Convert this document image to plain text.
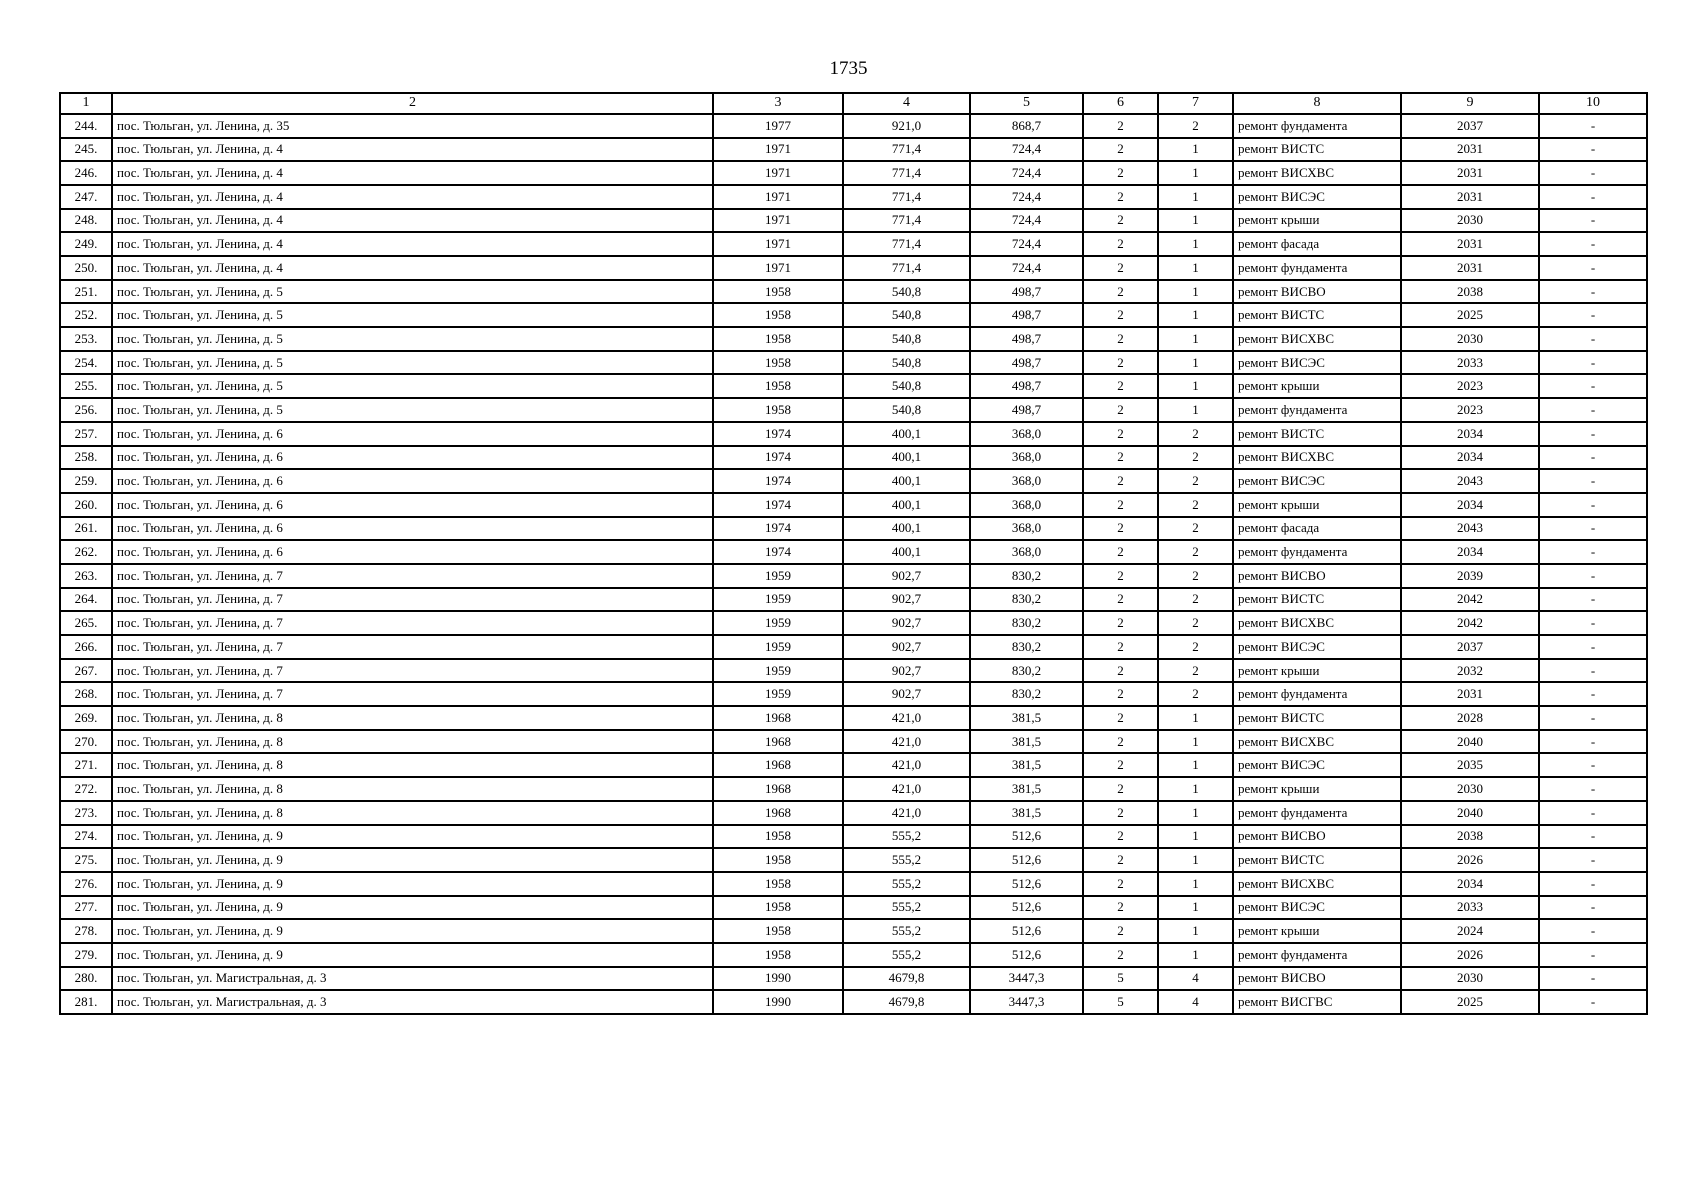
1735
1	2	3	4	5	6	7	8	9	10
244.	пос. Тюльган, ул. Ленина, д. 35	1977	921,0	868,7	2	2	ремонт фундамента	2037	-
245.	пос. Тюльган, ул. Ленина, д. 4	1971	771,4	724,4	2	1	ремонт ВИСТС	2031	-
246.	пос. Тюльган, ул. Ленина, д. 4	1971	771,4	724,4	2	1	ремонт ВИСХВС	2031	-
247.	пос. Тюльган, ул. Ленина, д. 4	1971	771,4	724,4	2	1	ремонт ВИСЭС	2031	-
248.	пос. Тюльган, ул. Ленина, д. 4	1971	771,4	724,4	2	1	ремонт крыши	2030	-
249.	пос. Тюльган, ул. Ленина, д. 4	1971	771,4	724,4	2	1	ремонт фасада	2031	-
250.	пос. Тюльган, ул. Ленина, д. 4	1971	771,4	724,4	2	1	ремонт фундамента	2031	-
251.	пос. Тюльган, ул. Ленина, д. 5	1958	540,8	498,7	2	1	ремонт ВИСВО	2038	-
252.	пос. Тюльган, ул. Ленина, д. 5	1958	540,8	498,7	2	1	ремонт ВИСТС	2025	-
253.	пос. Тюльган, ул. Ленина, д. 5	1958	540,8	498,7	2	1	ремонт ВИСХВС	2030	-
254.	пос. Тюльган, ул. Ленина, д. 5	1958	540,8	498,7	2	1	ремонт ВИСЭС	2033	-
255.	пос. Тюльган, ул. Ленина, д. 5	1958	540,8	498,7	2	1	ремонт крыши	2023	-
256.	пос. Тюльган, ул. Ленина, д. 5	1958	540,8	498,7	2	1	ремонт фундамента	2023	-
257.	пос. Тюльган, ул. Ленина, д. 6	1974	400,1	368,0	2	2	ремонт ВИСТС	2034	-
258.	пос. Тюльган, ул. Ленина, д. 6	1974	400,1	368,0	2	2	ремонт ВИСХВС	2034	-
259.	пос. Тюльган, ул. Ленина, д. 6	1974	400,1	368,0	2	2	ремонт ВИСЭС	2043	-
260.	пос. Тюльган, ул. Ленина, д. 6	1974	400,1	368,0	2	2	ремонт крыши	2034	-
261.	пос. Тюльган, ул. Ленина, д. 6	1974	400,1	368,0	2	2	ремонт фасада	2043	-
262.	пос. Тюльган, ул. Ленина, д. 6	1974	400,1	368,0	2	2	ремонт фундамента	2034	-
263.	пос. Тюльган, ул. Ленина, д. 7	1959	902,7	830,2	2	2	ремонт ВИСВО	2039	-
264.	пос. Тюльган, ул. Ленина, д. 7	1959	902,7	830,2	2	2	ремонт ВИСТС	2042	-
265.	пос. Тюльган, ул. Ленина, д. 7	1959	902,7	830,2	2	2	ремонт ВИСХВС	2042	-
266.	пос. Тюльган, ул. Ленина, д. 7	1959	902,7	830,2	2	2	ремонт ВИСЭС	2037	-
267.	пос. Тюльган, ул. Ленина, д. 7	1959	902,7	830,2	2	2	ремонт крыши	2032	-
268.	пос. Тюльган, ул. Ленина, д. 7	1959	902,7	830,2	2	2	ремонт фундамента	2031	-
269.	пос. Тюльган, ул. Ленина, д. 8	1968	421,0	381,5	2	1	ремонт ВИСТС	2028	-
270.	пос. Тюльган, ул. Ленина, д. 8	1968	421,0	381,5	2	1	ремонт ВИСХВС	2040	-
271.	пос. Тюльган, ул. Ленина, д. 8	1968	421,0	381,5	2	1	ремонт ВИСЭС	2035	-
272.	пос. Тюльган, ул. Ленина, д. 8	1968	421,0	381,5	2	1	ремонт крыши	2030	-
273.	пос. Тюльган, ул. Ленина, д. 8	1968	421,0	381,5	2	1	ремонт фундамента	2040	-
274.	пос. Тюльган, ул. Ленина, д. 9	1958	555,2	512,6	2	1	ремонт ВИСВО	2038	-
275.	пос. Тюльган, ул. Ленина, д. 9	1958	555,2	512,6	2	1	ремонт ВИСТС	2026	-
276.	пос. Тюльган, ул. Ленина, д. 9	1958	555,2	512,6	2	1	ремонт ВИСХВС	2034	-
277.	пос. Тюльган, ул. Ленина, д. 9	1958	555,2	512,6	2	1	ремонт ВИСЭС	2033	-
278.	пос. Тюльган, ул. Ленина, д. 9	1958	555,2	512,6	2	1	ремонт крыши	2024	-
279.	пос. Тюльган, ул. Ленина, д. 9	1958	555,2	512,6	2	1	ремонт фундамента	2026	-
280.	пос. Тюльган, ул. Магистральная, д. 3	1990	4679,8	3447,3	5	4	ремонт ВИСВО	2030	-
281.	пос. Тюльган, ул. Магистральная, д. 3	1990	4679,8	3447,3	5	4	ремонт ВИСГВС	2025	-
